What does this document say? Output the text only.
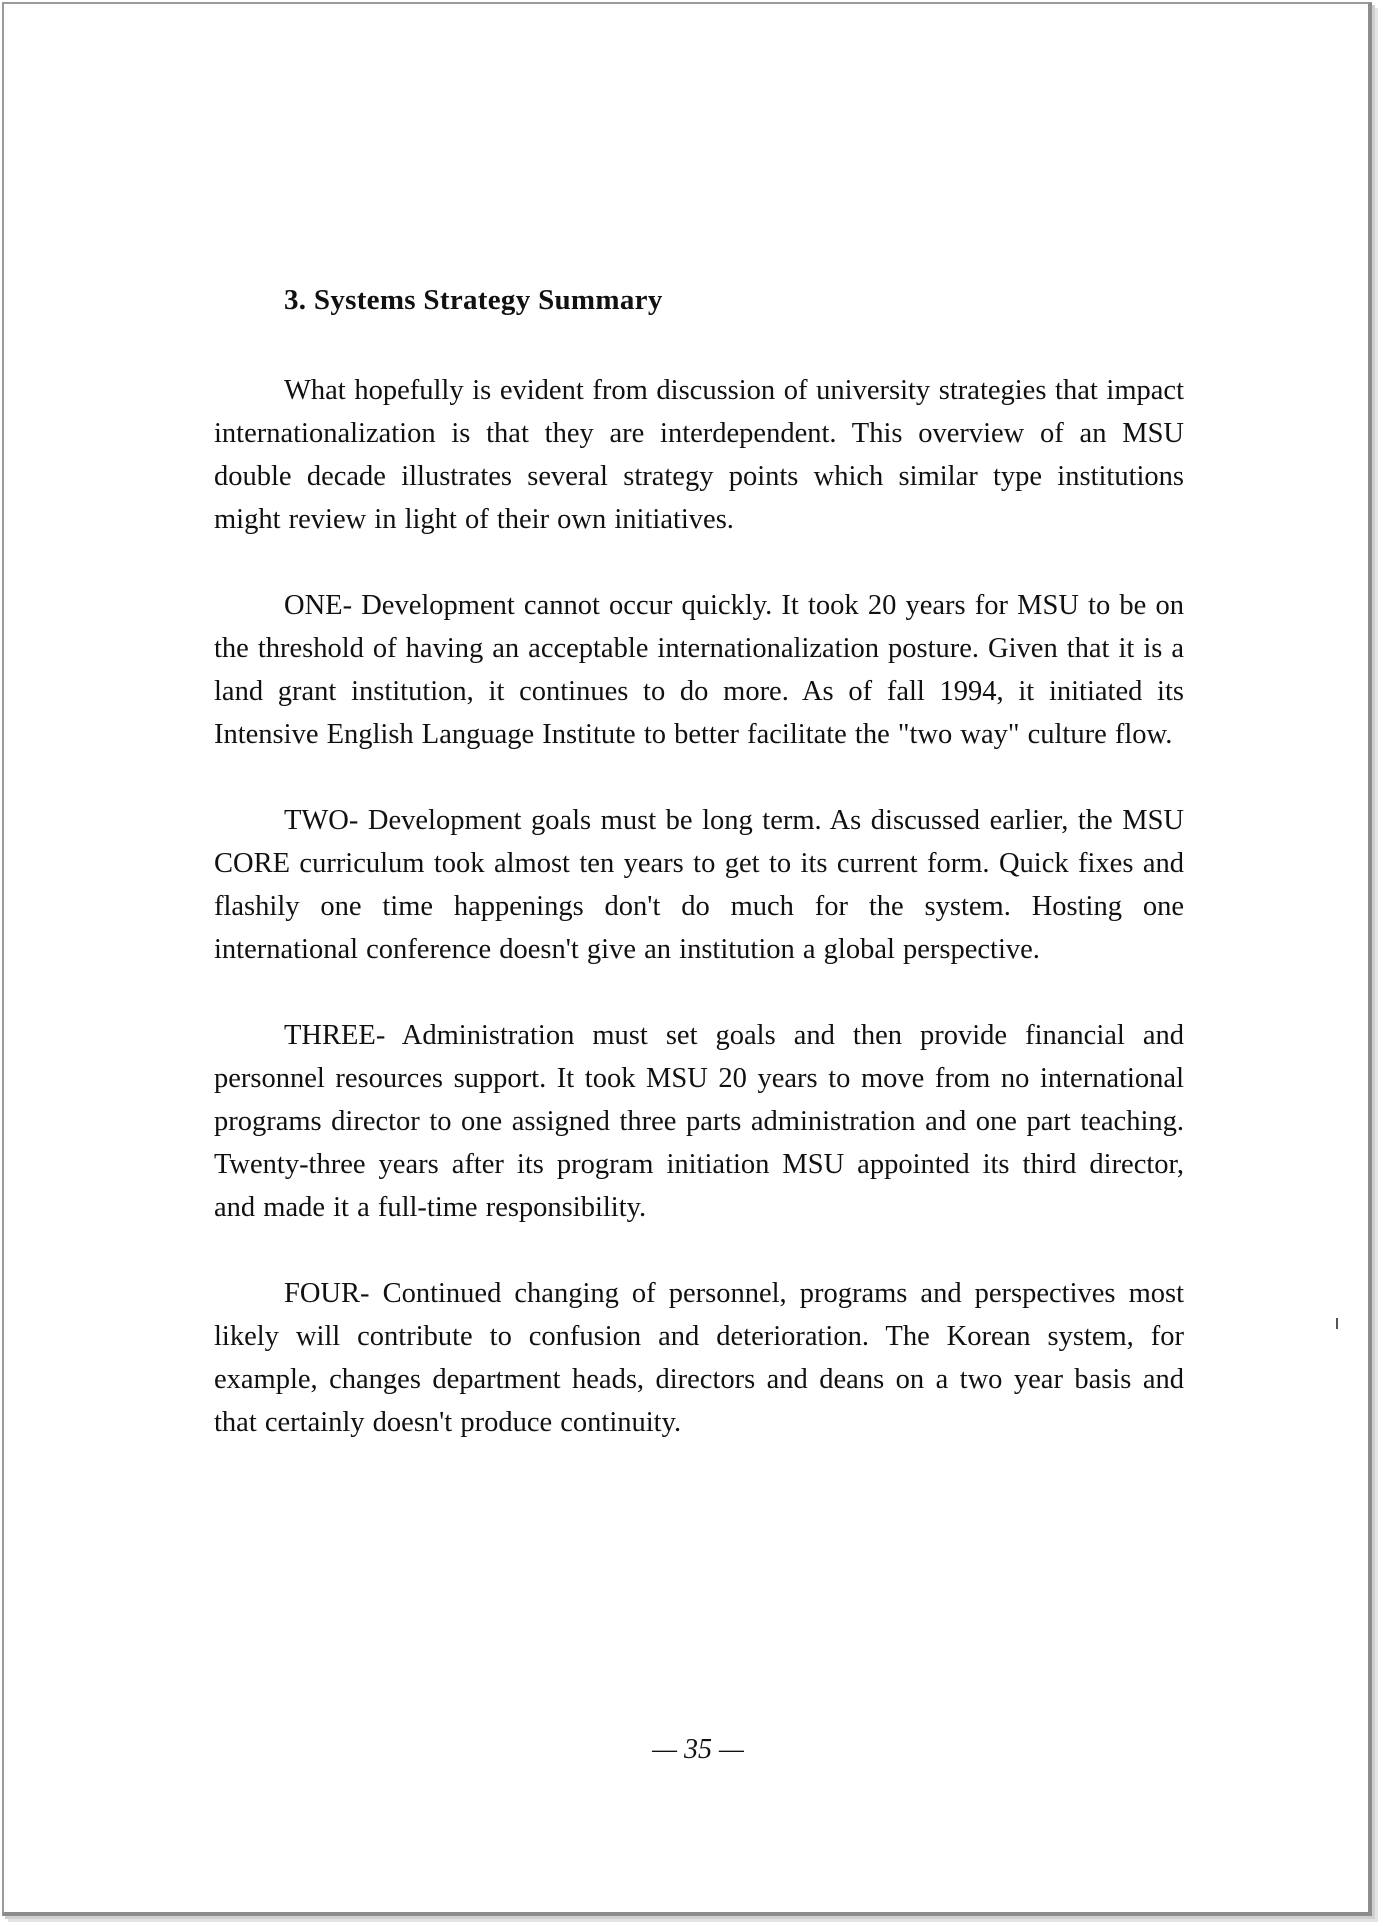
3. Systems Strategy Summary

What hopefully is evident from discussion of university strategies that impact internationalization is that they are interdependent. This overview of an MSU double decade illustrates several strategy points which similar type institutions might review in light of their own initiatives.

ONE- Development cannot occur quickly. It took 20 years for MSU to be on the threshold of having an acceptable internationalization posture. Given that it is a land grant institution, it continues to do more. As of fall 1994, it initiated its Intensive English Language Institute to better facilitate the "two way" culture flow.

TWO- Development goals must be long term. As discussed earlier, the MSU CORE curriculum took almost ten years to get to its current form. Quick fixes and flashily one time happenings don't do much for the system. Hosting one international conference doesn't give an institution a global perspective.

THREE- Administration must set goals and then provide financial and personnel resources support. It took MSU 20 years to move from no international programs director to one assigned three parts administration and one part teaching. Twenty-three years after its program initiation MSU appointed its third director, and made it a full-time responsibility.

FOUR- Continued changing of personnel, programs and perspectives most likely will contribute to confusion and deterioration. The Korean system, for example, changes department heads, directors and deans on a two year basis and that certainly doesn't produce continuity.

— 35 —
